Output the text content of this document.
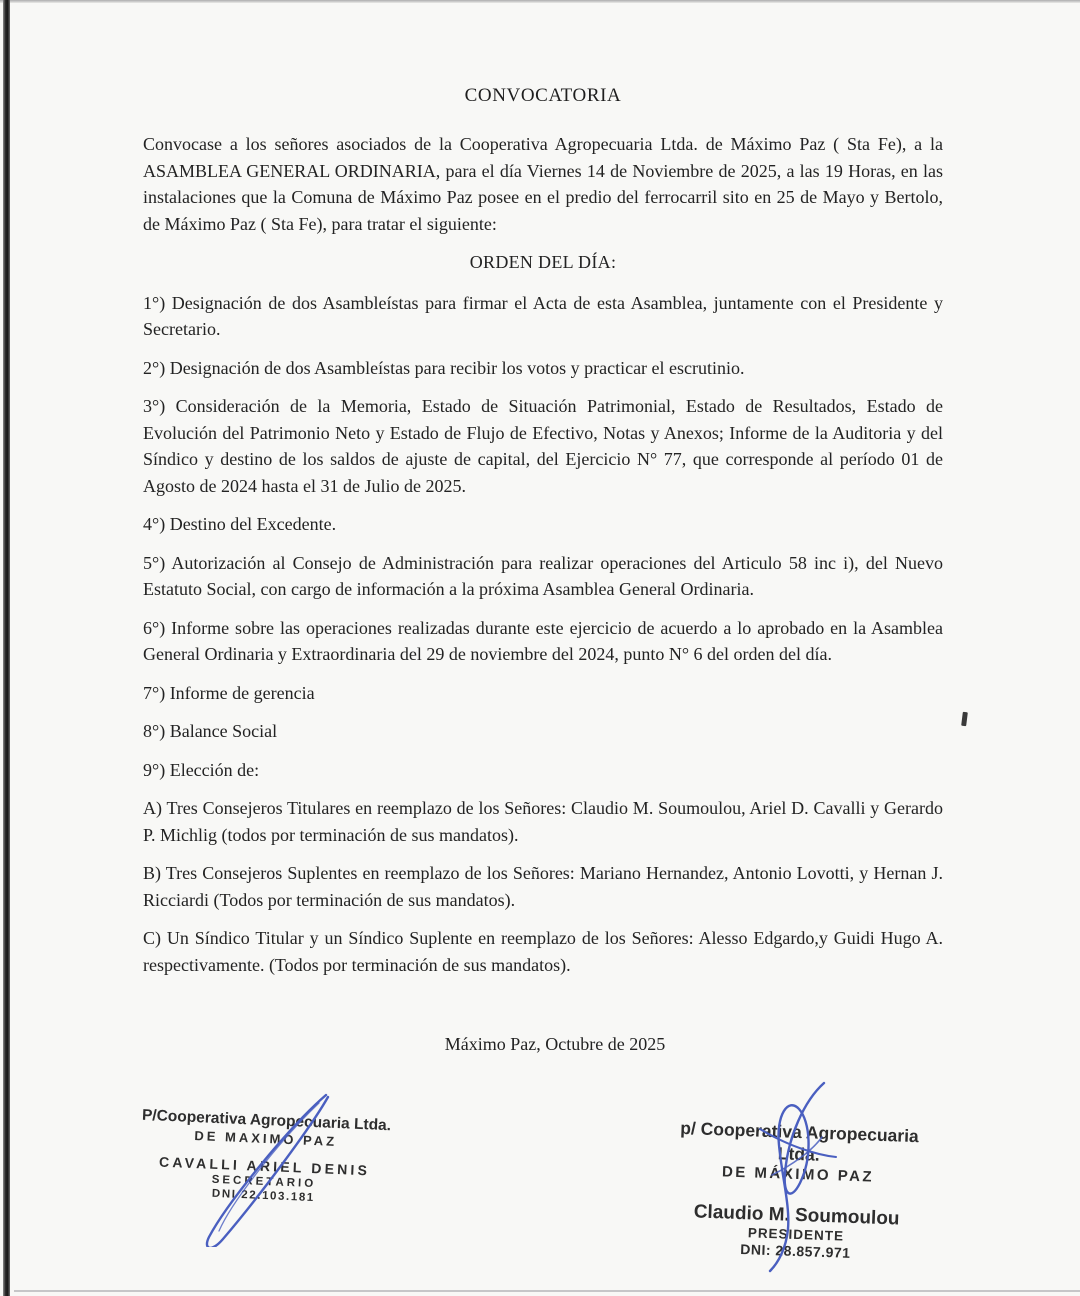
CONVOCATORIA

Convocase a los señores asociados de la Cooperativa Agropecuaria Ltda. de Máximo Paz ( Sta Fe), a la ASAMBLEA GENERAL ORDINARIA, para el día Viernes 14 de Noviembre de 2025, a las 19 Horas, en las instalaciones que la Comuna de Máximo Paz posee en el predio del ferrocarril sito en 25 de Mayo y Bertolo, de Máximo Paz ( Sta Fe), para tratar el siguiente:

ORDEN DEL DÍA:

1°) Designación de dos Asambleístas para firmar el Acta de esta Asamblea, juntamente con el Presidente y Secretario.

2°) Designación de dos Asambleístas para recibir los votos y practicar el escrutinio.

3°) Consideración de la Memoria, Estado de Situación Patrimonial, Estado de Resultados, Estado de Evolución del Patrimonio Neto y Estado de Flujo de Efectivo, Notas y Anexos; Informe de la Auditoria y del Síndico y destino de los saldos de ajuste de capital, del Ejercicio N° 77, que corresponde al período 01 de Agosto de 2024 hasta el 31 de Julio de 2025.

4°) Destino del Excedente.

5°) Autorización al Consejo de Administración para realizar operaciones del Articulo 58 inc i), del Nuevo Estatuto Social, con cargo de información a la próxima Asamblea General Ordinaria.

6°) Informe sobre las operaciones realizadas durante este ejercicio de acuerdo a lo aprobado en la Asamblea General Ordinaria y Extraordinaria del 29 de noviembre del 2024, punto N° 6 del orden del día.

7°) Informe de gerencia

8°) Balance Social

9°) Elección de:

A) Tres Consejeros Titulares en reemplazo de los Señores: Claudio M. Soumoulou, Ariel D. Cavalli y Gerardo P. Michlig (todos por terminación de sus mandatos).

B) Tres Consejeros Suplentes en reemplazo de los Señores: Mariano Hernandez, Antonio Lovotti, y Hernan J. Ricciardi (Todos por terminación de sus mandatos).

C) Un Síndico Titular y un Síndico Suplente en reemplazo de los Señores: Alesso Edgardo,y Guidi Hugo A. respectivamente. (Todos por terminación de sus mandatos).

Máximo Paz, Octubre de 2025

P/Cooperativa Agropecuaria Ltda.
DE MAXIMO PAZ
CAVALLI ARIEL DENIS
SECRETARIO
DNI 22.103.181
p/ Cooperativa Agropecuaria Ltda.
DE MÁXIMO PAZ
Claudio M. Soumoulou
PRESIDENTE
DNI: 28.857.971
